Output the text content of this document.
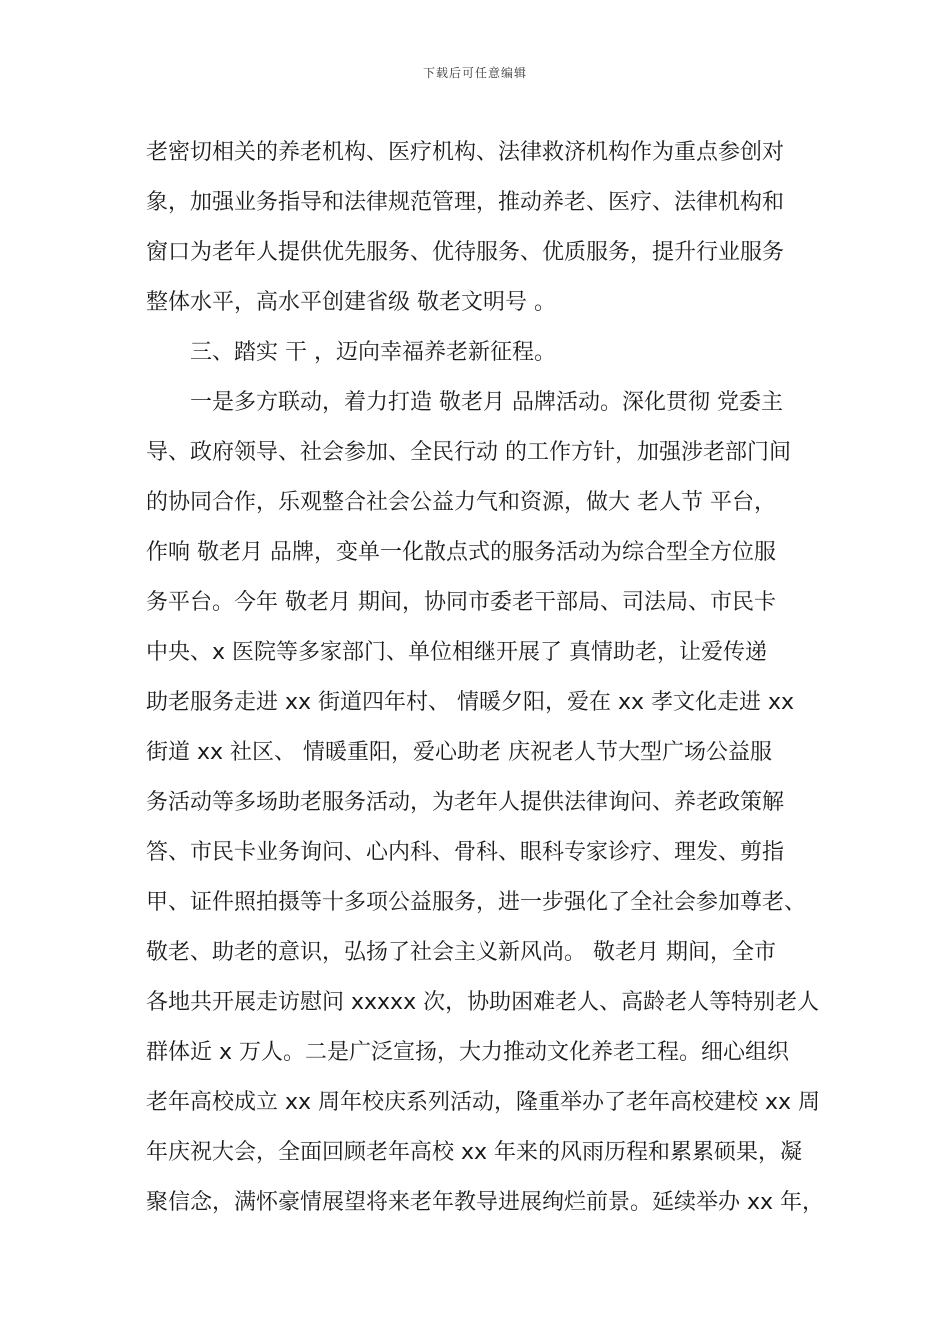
下载后可任意编辑
老密切相关的养老机构、医疗机构、法律救济机构作为重点参创对
象，加强业务指导和法律规范管理，推动养老、医疗、法律机构和
窗口为老年人提供优先服务、优待服务、优质服务，提升行业服务
整体水平，高水平创建省级 敬老文明号 。
三、踏实 干 ，迈向幸福养老新征程。
一是多方联动，着力打造 敬老月 品牌活动。深化贯彻 党委主
导、政府领导、社会参加、全民行动 的工作方针，加强涉老部门间
的协同合作，乐观整合社会公益力气和资源，做大 老人节 平台，
作响 敬老月 品牌，变单一化散点式的服务活动为综合型全方位服
务平台。今年 敬老月 期间，协同市委老干部局、司法局、市民卡
中央、x 医院等多家部门、单位相继开展了 真情助老，让爱传递
助老服务走进 xx 街道四年村、 情暖夕阳，爱在 xx 孝文化走进 xx
街道 xx 社区、 情暖重阳，爱心助老 庆祝老人节大型广场公益服
务活动等多场助老服务活动，为老年人提供法律询问、养老政策解
答、市民卡业务询问、心内科、骨科、眼科专家诊疗、理发、剪指
甲、证件照拍摄等十多项公益服务，进一步强化了全社会参加尊老、
敬老、助老的意识，弘扬了社会主义新风尚。 敬老月 期间，全市
各地共开展走访慰问 xxxxx 次，协助困难老人、高龄老人等特别老人
群体近 x 万人。二是广泛宣扬，大力推动文化养老工程。细心组织
老年高校成立 xx 周年校庆系列活动，隆重举办了老年高校建校 xx 周
年庆祝大会，全面回顾老年高校 xx 年来的风雨历程和累累硕果，凝
聚信念，满怀豪情展望将来老年教导进展绚烂前景。延续举办 xx 年，
